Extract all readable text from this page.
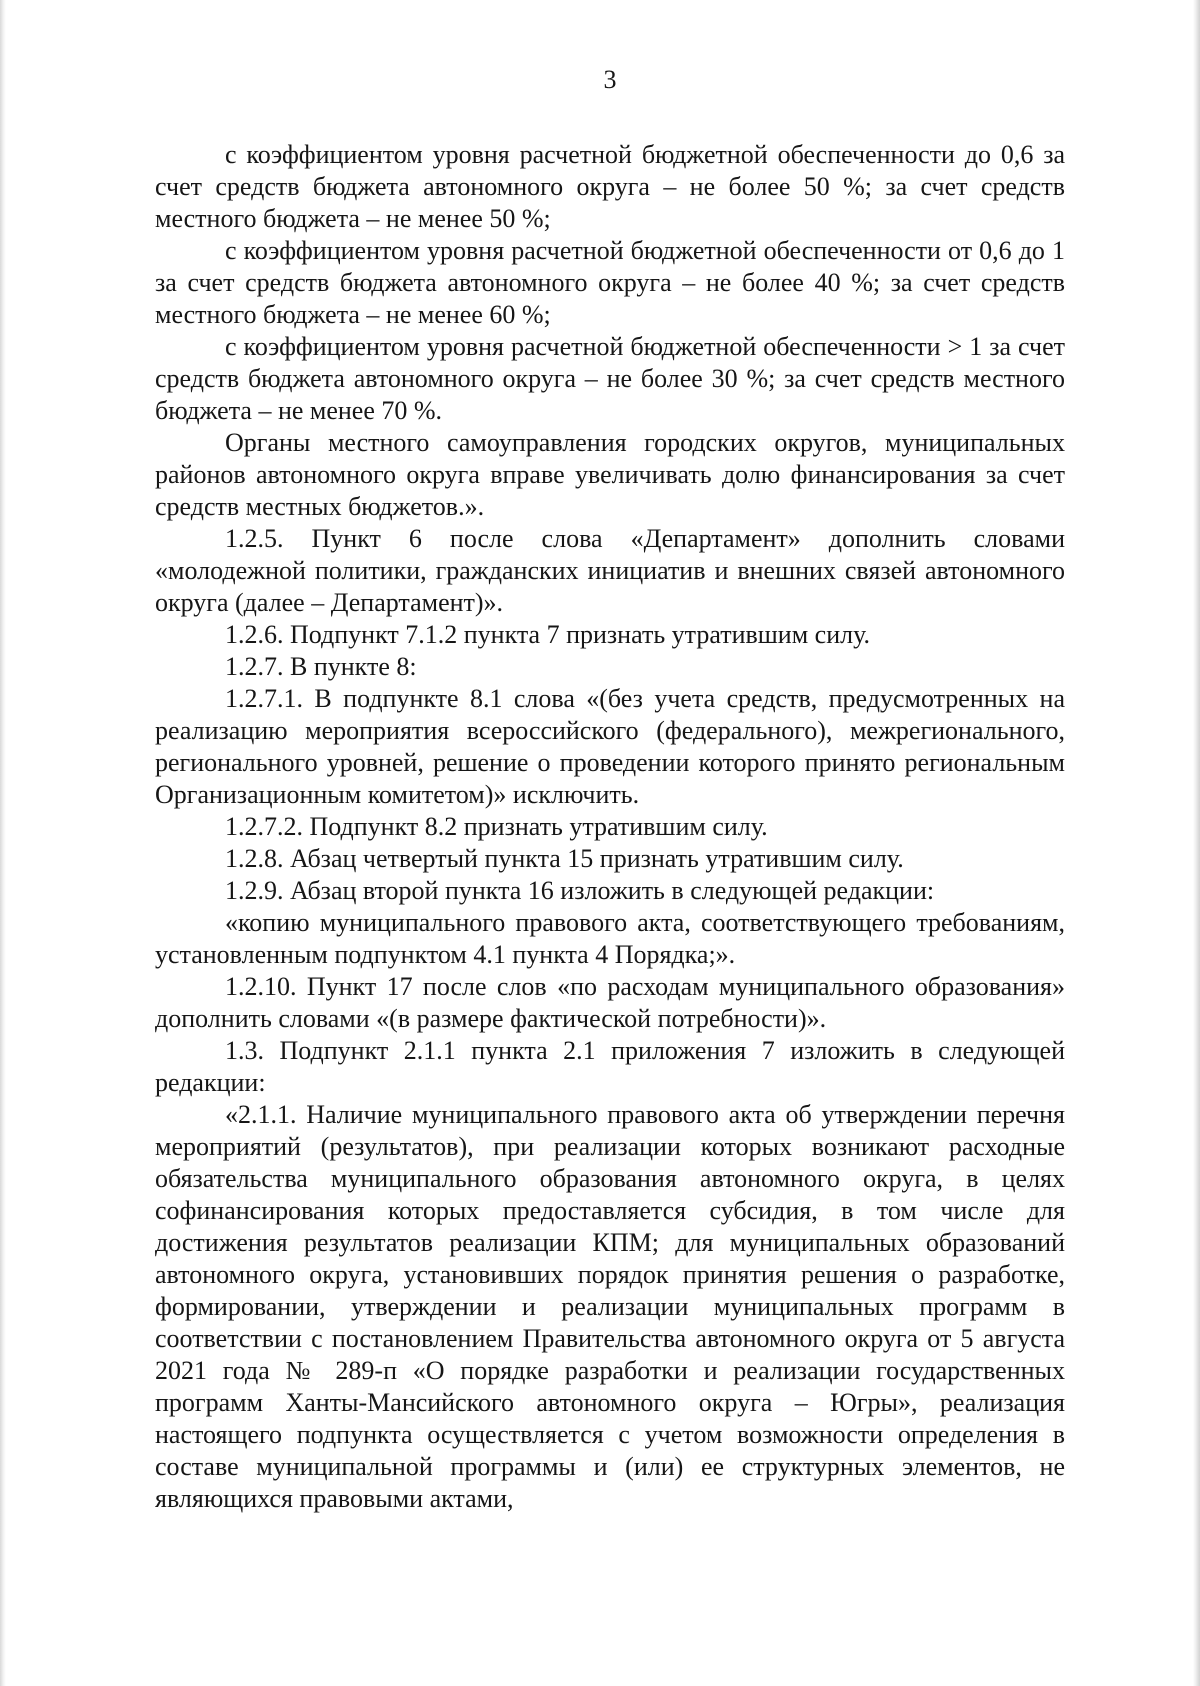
3

с коэффициентом уровня расчетной бюджетной обеспеченности до 0,6 за счет средств бюджета автономного округа – не более 50 %; за счет средств местного бюджета – не менее 50 %;

с коэффициентом уровня расчетной бюджетной обеспеченности от 0,6 до 1 за счет средств бюджета автономного округа – не более 40 %; за счет средств местного бюджета – не менее 60 %;

с коэффициентом уровня расчетной бюджетной обеспеченности > 1 за счет средств бюджета автономного округа – не более 30 %; за счет средств местного бюджета – не менее 70 %.

Органы местного самоуправления городских округов, муниципальных районов автономного округа вправе увеличивать долю финансирования за счет средств местных бюджетов.».

1.2.5. Пункт 6 после слова «Департамент» дополнить словами «молодежной политики, гражданских инициатив и внешних связей автономного округа (далее – Департамент)».

1.2.6. Подпункт 7.1.2 пункта 7 признать утратившим силу.

1.2.7. В пункте 8:

1.2.7.1. В подпункте 8.1 слова «(без учета средств, предусмотренных на реализацию мероприятия всероссийского (федерального), межрегионального, регионального уровней, решение о проведении которого принято региональным Организационным комитетом)» исключить.

1.2.7.2. Подпункт 8.2 признать утратившим силу.

1.2.8. Абзац четвертый пункта 15 признать утратившим силу.

1.2.9. Абзац второй пункта 16 изложить в следующей редакции:

«копию муниципального правового акта, соответствующего требованиям, установленным подпунктом 4.1 пункта 4 Порядка;».

1.2.10. Пункт 17 после слов «по расходам муниципального образования» дополнить словами «(в размере фактической потребности)».

1.3. Подпункт 2.1.1 пункта 2.1 приложения 7 изложить в следующей редакции:

«2.1.1. Наличие муниципального правового акта об утверждении перечня мероприятий (результатов), при реализации которых возникают расходные обязательства муниципального образования автономного округа, в целях софинансирования которых предоставляется субсидия, в том числе для достижения результатов реализации КПМ; для муниципальных образований автономного округа, установивших порядок принятия решения о разработке, формировании, утверждении и реализации муниципальных программ в соответствии с постановлением Правительства автономного округа от 5 августа 2021 года № 289-п «О порядке разработки и реализации государственных программ Ханты-Мансийского автономного округа – Югры», реализация настоящего подпункта осуществляется с учетом возможности определения в составе муниципальной программы и (или) ее структурных элементов, не являющихся правовыми актами,
